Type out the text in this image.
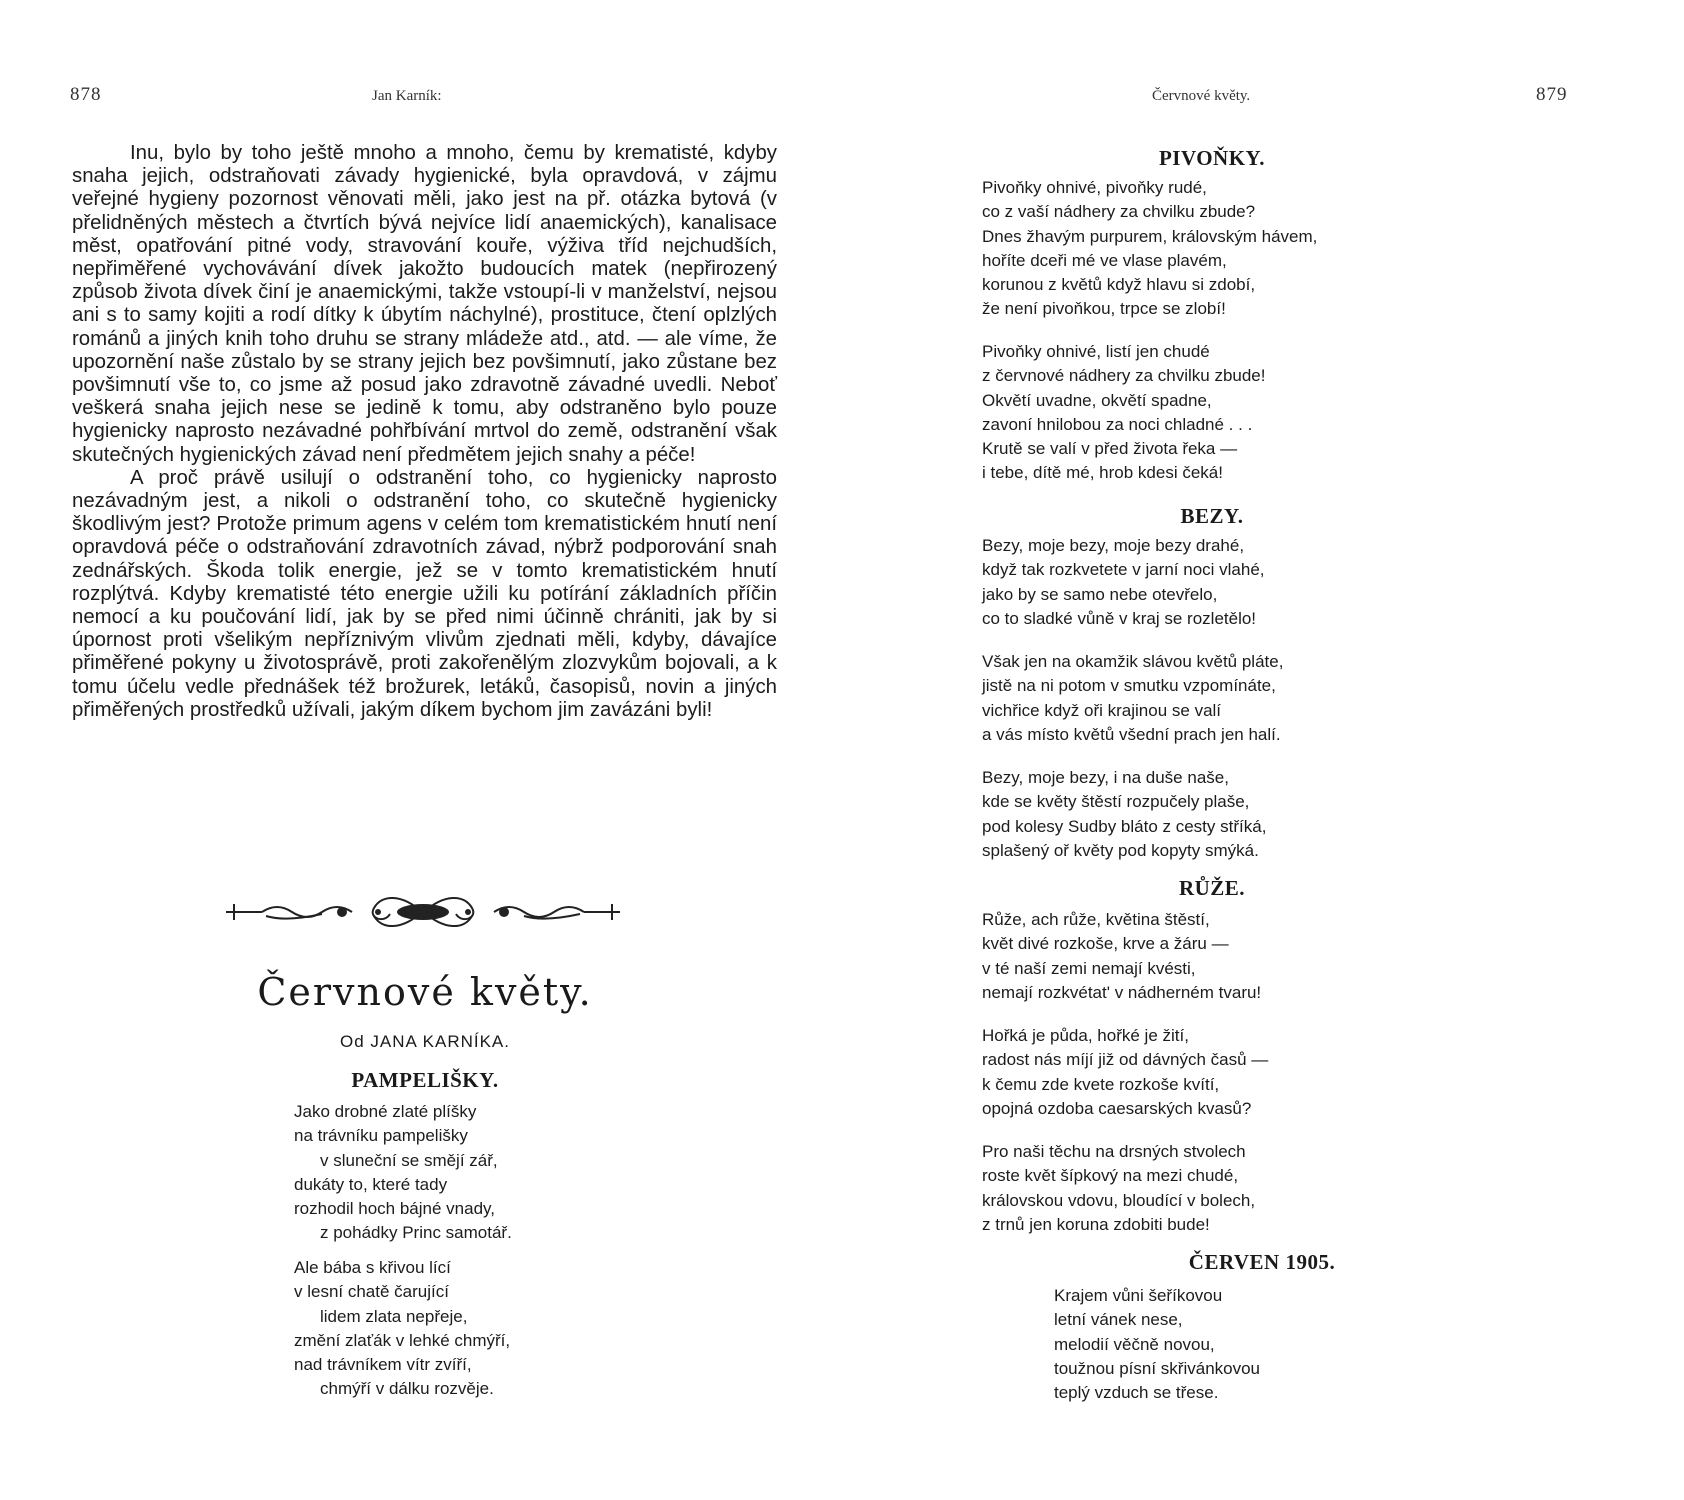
878	Jan Karník:

Inu, bylo by toho ještě mnoho a mnoho, čemu by krematisté, kdyby snaha jejich, odstraňovati závady hygienické, byla opravdová, v zájmu veřejné hygieny pozornost věnovati měli, jako jest na př. otázka bytová (v přelidněných městech a čtvrtích bývá nejvíce lidí anaemických), kanalisace měst, opatřování pitné vody, stravování kouře, výživa tříd nejchudších, nepřiměřené vychovávání dívek jakožto budoucích matek (nepřirozený způsob života dívek činí je anaemickými, takže vstoupí-li v manželství, nejsou ani s to samy kojiti a rodí dítky k úbytím náchylné), prostituce, čtení oplzlých románů a jiných knih toho druhu se strany mládeže atd., atd. — ale víme, že upozornění naše zůstalo by se strany jejich bez povšimnutí, jako zůstane bez povšimnutí vše to, co jsme až posud jako zdravotně závadné uvedli. Neboť veškerá snaha jejich nese se jedině k tomu, aby odstraněno bylo pouze hygienicky naprosto nezávadné pohřbívání mrtvol do země, odstranění však skutečných hygienických závad není předmětem jejich snahy a péče!

A proč právě usilují o odstranění toho, co hygienicky naprosto nezávadným jest, a nikoli o odstranění toho, co skutečně hygienicky škodlivým jest? Protože primum agens v celém tom krematistickém hnutí není opravdová péče o odstraňování zdravotních závad, nýbrž podporování snah zednářských. Škoda tolik energie, jež se v tomto krematistickém hnutí rozplýtvá. Kdyby krematisté této energie užili ku potírání základních příčin nemocí a ku poučování lidí, jak by se před nimi účinně chrániti, jak by si úpornost proti všelikým nepříznivým vlivům zjednati měli, kdyby, dávajíce přiměřené pokyny u životosprávě, proti zakořenělým zlozvykům bojovali, a k tomu účelu vedle přednášek též brožurek, letáků, časopisů, novin a jiných přiměřených prostředků užívali, jakým díkem bychom jim zavázáni byli!

Červnové květy.
Od JANA KARNÍKA.
PAMPELIŠKY.
Jako drobné zlaté plíšky
na trávníku pampelišky
v sluneční se smějí zář,
dukáty to, které tady
rozhodil hoch bájné vnady,
z pohádky Princ samotář.
Ale bába s křivou lící
v lesní chatě čarující
lidem zlata nepřeje,
změní zlaťák v lehké chmýří,
nad trávníkem vítr zvíří,
chmýří v dálku rozvěje.
Červnové květy.	879
PIVOŇKY.
Pivoňky ohnivé, pivoňky rudé,
co z vaší nádhery za chvilku zbude?
Dnes žhavým purpurem, královským hávem,
hoříte dceři mé ve vlase plavém,
korunou z květů když hlavu si zdobí,
že není pivoňkou, trpce se zlobí!
Pivoňky ohnivé, listí jen chudé
z červnové nádhery za chvilku zbude!
Okvětí uvadne, okvětí spadne,
zavoní hnilobou za noci chladné . . .
Krutě se valí v před života řeka —
i tebe, dítě mé, hrob kdesi čeká!
BEZY.
Bezy, moje bezy, moje bezy drahé,
když tak rozkvetete v jarní noci vlahé,
jako by se samo nebe otevřelo,
co to sladké vůně v kraj se rozletělo!
Však jen na okamžik slávou květů pláte,
jistě na ni potom v smutku vzpomínáte,
vichřice když oři krajinou se valí
a vás místo květů všední prach jen halí.
Bezy, moje bezy, i na duše naše,
kde se květy štěstí rozpučely plaše,
pod kolesy Sudby bláto z cesty stříká,
splašený oř květy pod kopyty smýká.
RŮŽE.
Růže, ach růže, květina štěstí,
květ divé rozkoše, krve a žáru —
v té naší zemi nemají kvésti,
nemají rozkvétat' v nádherném tvaru!
Hořká je půda, hořké je žití,
radost nás míjí již od dávných časů —
k čemu zde kvete rozkoše kvítí,
opojná ozdoba caesarských kvasů?
Pro naši těchu na drsných stvolech
roste květ šípkový na mezi chudé,
královskou vdovu, bloudící v bolech,
z trnů jen koruna zdobiti bude!
ČERVEN 1905.
Krajem vůni šeříkovou
letní vánek nese,
melodií věčně novou,
toužnou písní skřivánkovou
teplý vzduch se třese.
